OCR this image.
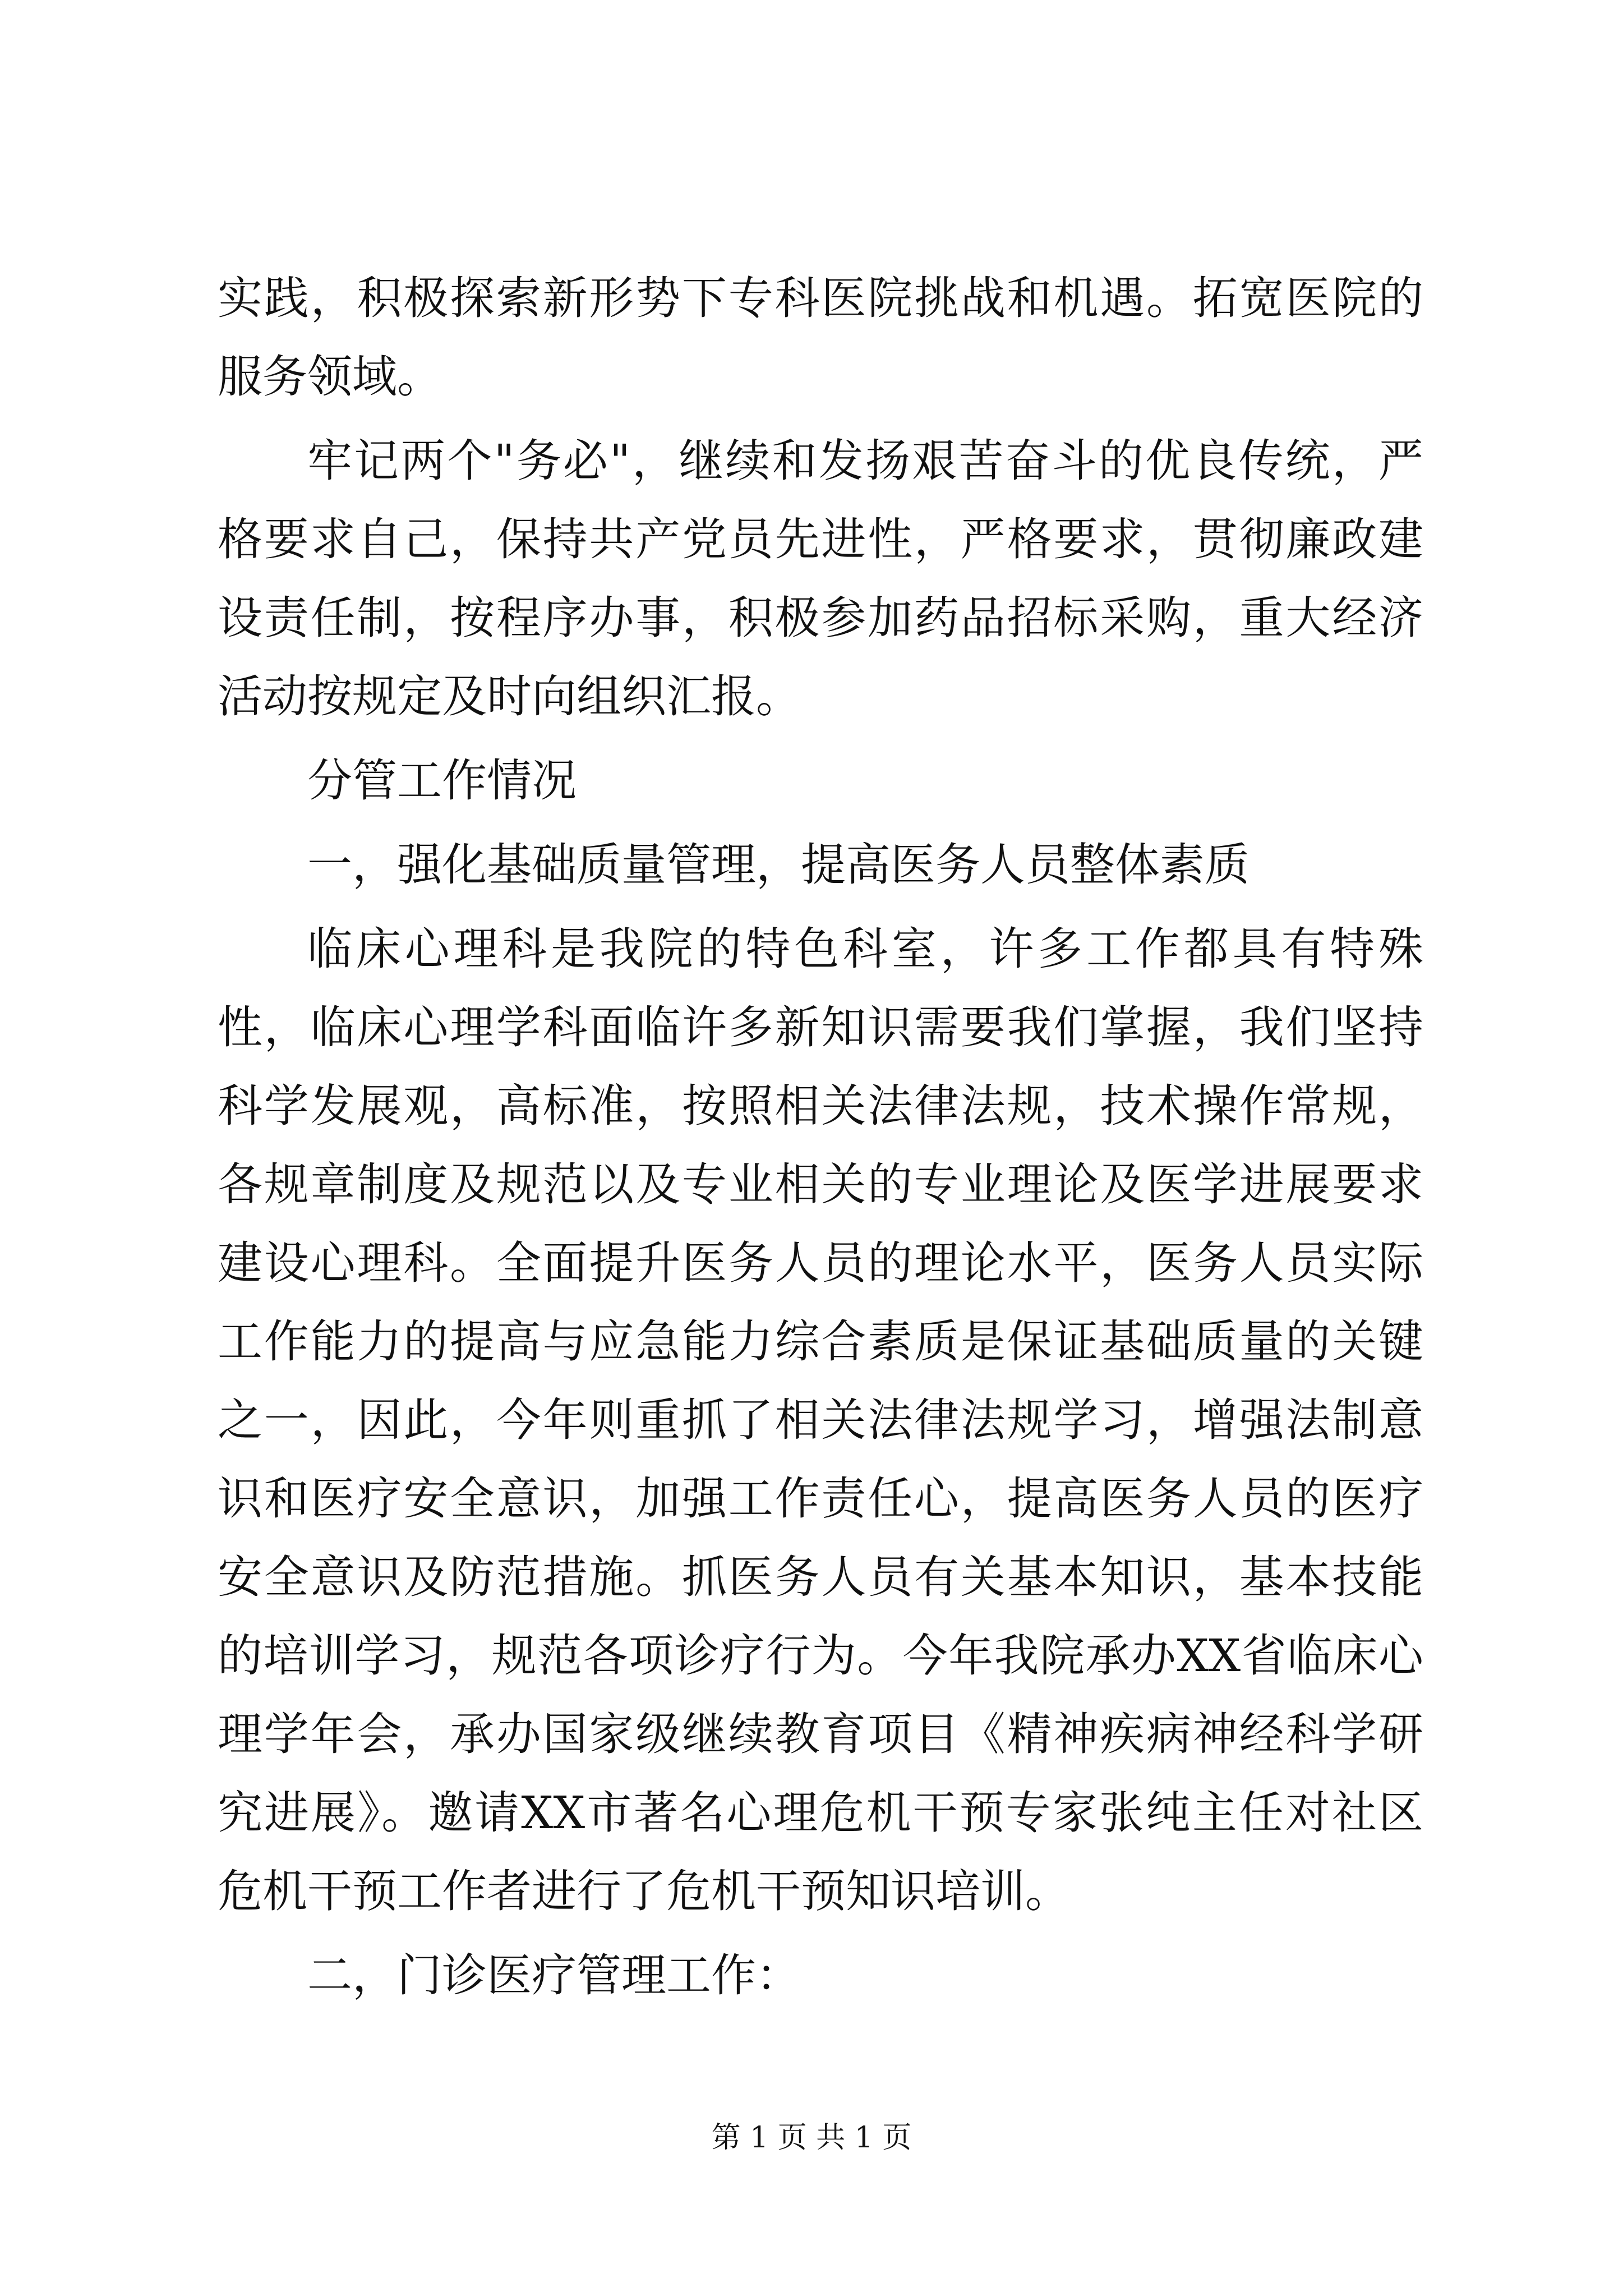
实践，积极探索新形势下专科医院挑战和机遇。拓宽医院的服务领域。

牢记两个"务必"，继续和发扬艰苦奋斗的优良传统，严格要求自己，保持共产党员先进性，严格要求，贯彻廉政建设责任制，按程序办事，积极参加药品招标采购，重大经济活动按规定及时向组织汇报。

分管工作情况

一，强化基础质量管理，提高医务人员整体素质

临床心理科是我院的特色科室，许多工作都具有特殊性，临床心理学科面临许多新知识需要我们掌握，我们坚持科学发展观，高标准，按照相关法律法规，技术操作常规，各规章制度及规范以及专业相关的专业理论及医学进展要求建设心理科。全面提升医务人员的理论水平，医务人员实际工作能力的提高与应急能力综合素质是保证基础质量的关键之一，因此，今年则重抓了相关法律法规学习，增强法制意识和医疗安全意识，加强工作责任心，提高医务人员的医疗安全意识及防范措施。抓医务人员有关基本知识，基本技能的培训学习，规范各项诊疗行为。今年我院承办XX省临床心理学年会，承办国家级继续教育项目《精神疾病神经科学研究进展》。邀请XX市著名心理危机干预专家张纯主任对社区危机干预工作者进行了危机干预知识培训。

二，门诊医疗管理工作：

第 1 页 共 1 页
